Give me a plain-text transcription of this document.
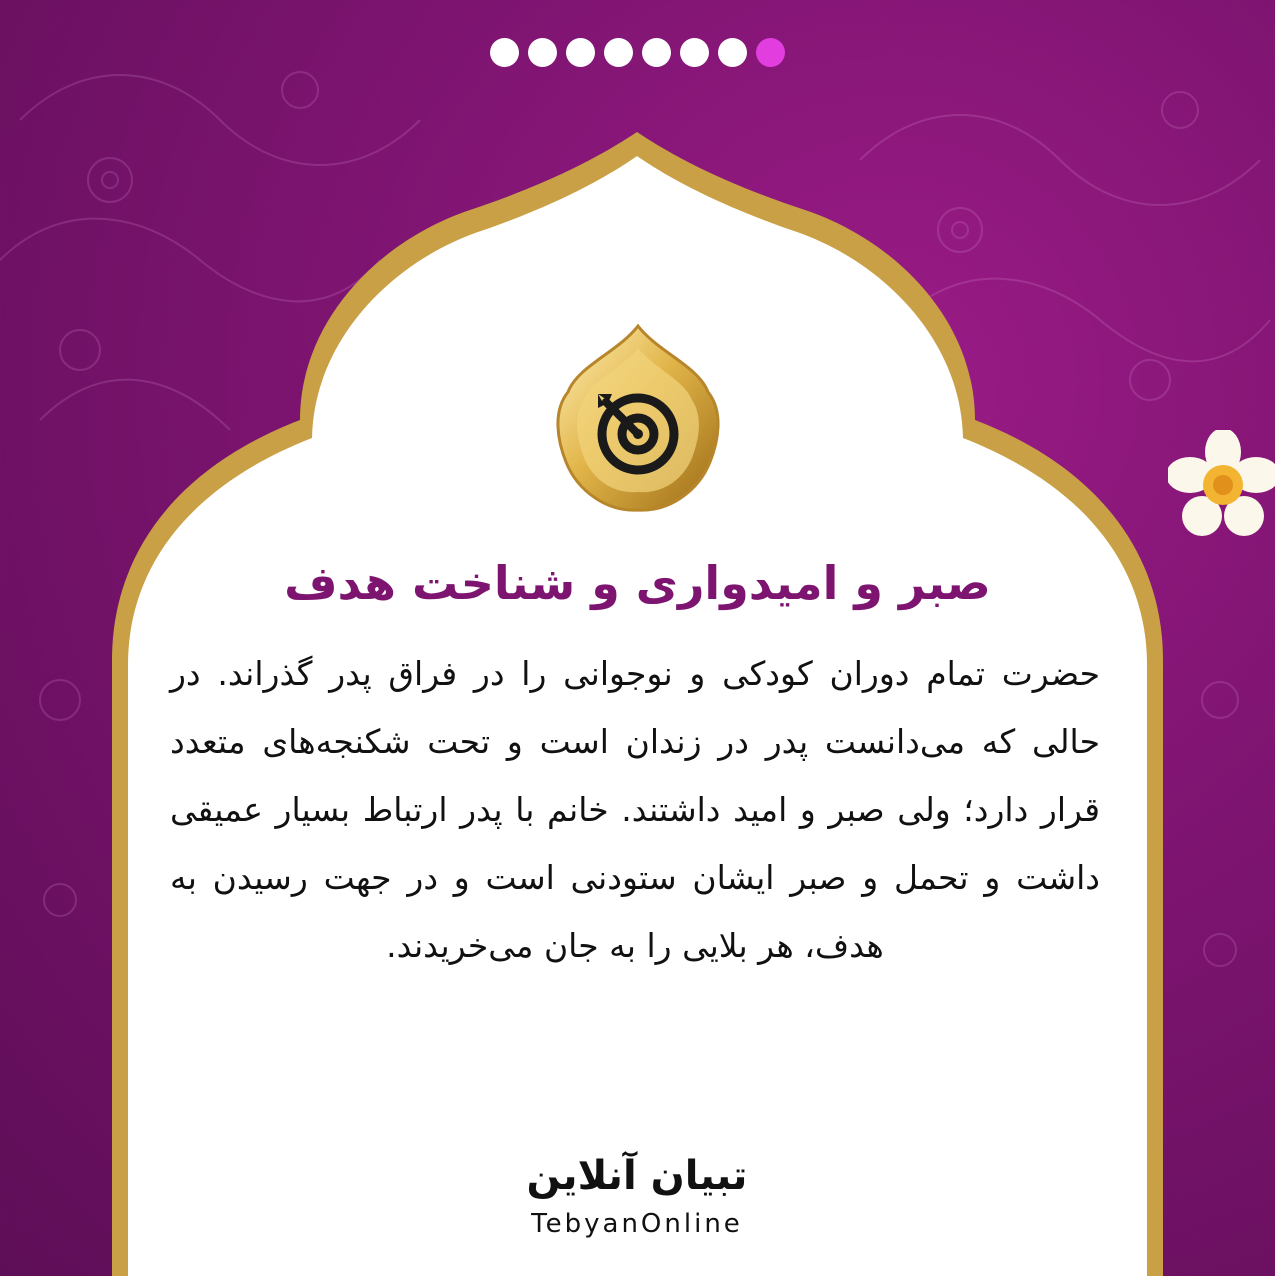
صبر و امیدواری و شناخت هدف

حضرت تمام دوران کودکی و نوجوانی را در فراق پدر گذراند. در حالی که می‌دانست پدر در زندان است و تحت شکنجه‌های متعدد قرار دارد؛ ولی صبر و امید داشتند. خانم با پدر ارتباط بسیار عمیقی داشت و تحمل و صبر ایشان ستودنی است و در جهت رسیدن به هدف، هر بلایی را به جان می‌خریدند.

تبیان آنلاین
TebyanOnline
